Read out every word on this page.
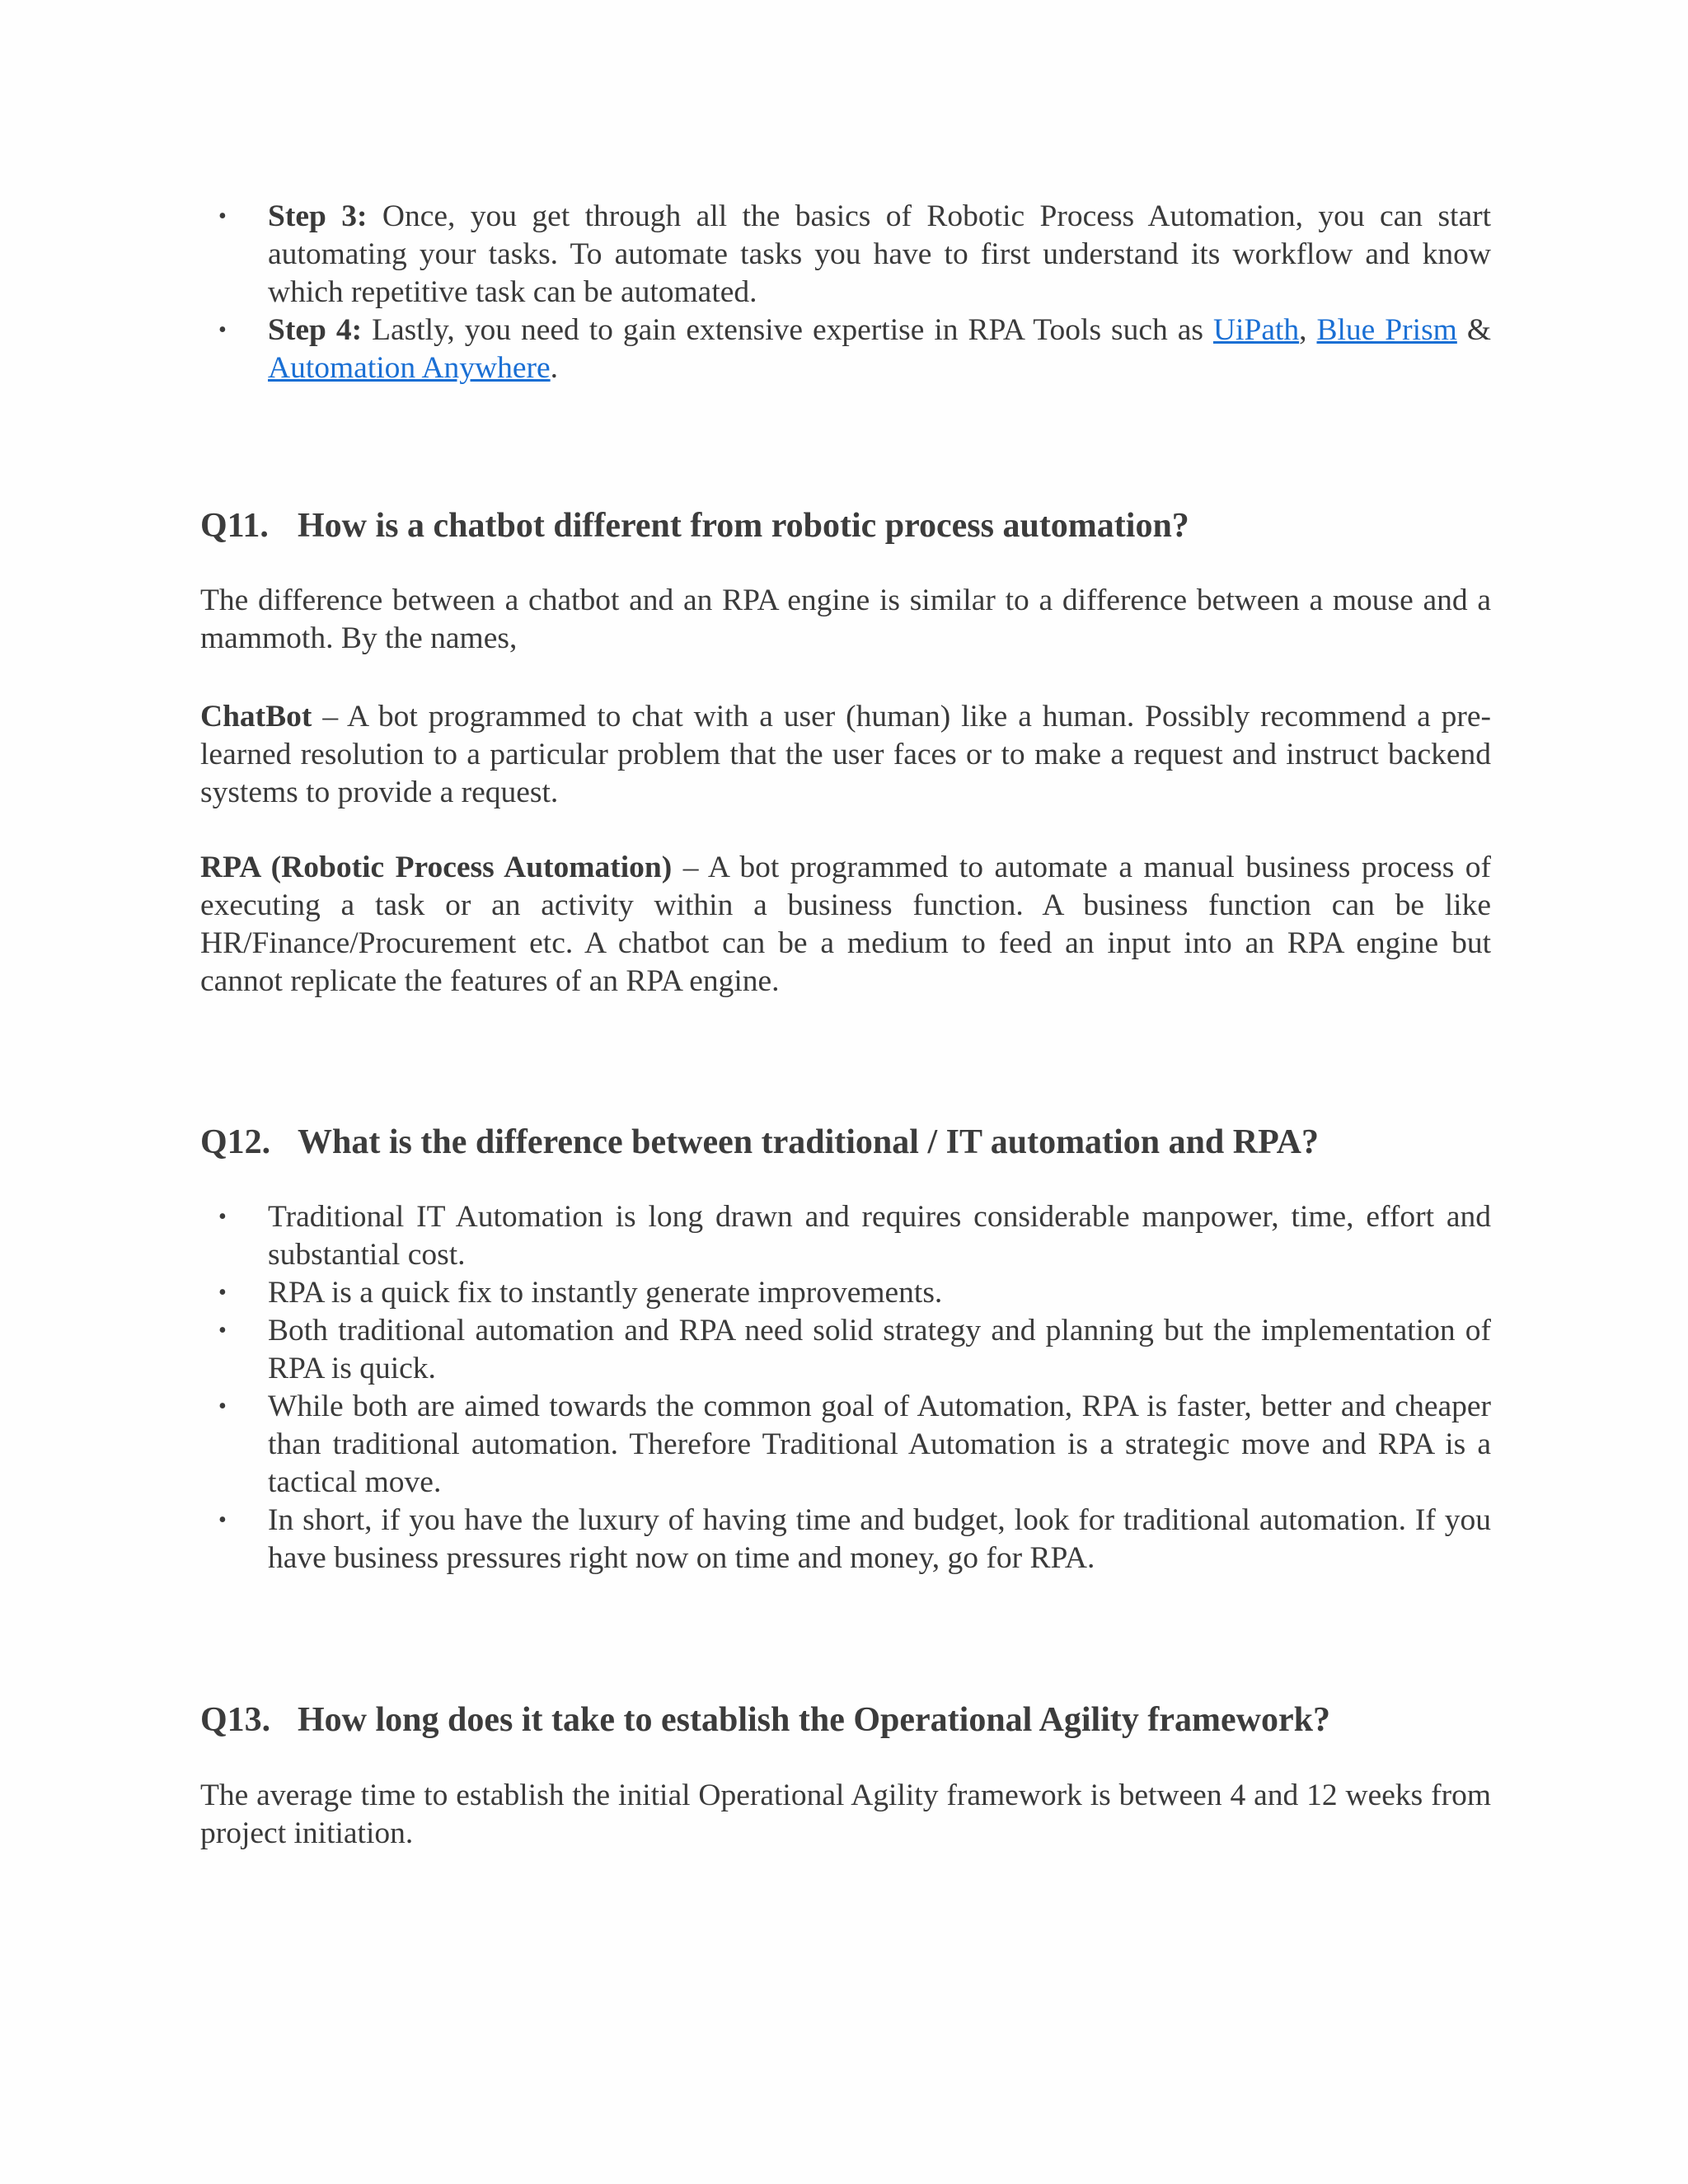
• Step 3: Once, you get through all the basics of Robotic Process Automation, you can start automating your tasks. To automate tasks you have to first understand its workflow and know which repetitive task can be automated.
• Step 4: Lastly, you need to gain extensive expertise in RPA Tools such as UiPath, Blue Prism & Automation Anywhere.
Q11. How is a chatbot different from robotic process automation?

The difference between a chatbot and an RPA engine is similar to a difference between a mouse and a mammoth. By the names,

ChatBot – A bot programmed to chat with a user (human) like a human. Possibly recommend a pre-learned resolution to a particular problem that the user faces or to make a request and instruct backend systems to provide a request.

RPA (Robotic Process Automation) – A bot programmed to automate a manual business process of executing a task or an activity within a business function. A business function can be like HR/Finance/Procurement etc. A chatbot can be a medium to feed an input into an RPA engine but cannot replicate the features of an RPA engine.

Q12. What is the difference between traditional / IT automation and RPA?
• Traditional IT Automation is long drawn and requires considerable manpower, time, effort and substantial cost.
• RPA is a quick fix to instantly generate improvements.
• Both traditional automation and RPA need solid strategy and planning but the implementation of RPA is quick.
• While both are aimed towards the common goal of Automation, RPA is faster, better and cheaper than traditional automation. Therefore Traditional Automation is a strategic move and RPA is a tactical move.
• In short, if you have the luxury of having time and budget, look for traditional automation. If you have business pressures right now on time and money, go for RPA.
Q13. How long does it take to establish the Operational Agility framework?

The average time to establish the initial Operational Agility framework is between 4 and 12 weeks from project initiation.
